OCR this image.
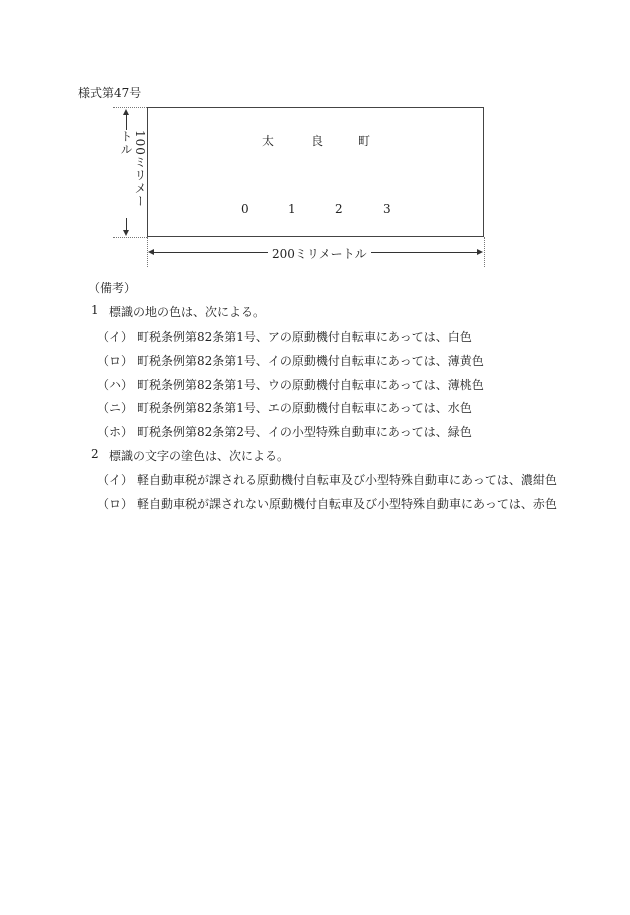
様式第47号
太	良	町
0	1	2	3
100ミリメートル
200ミリメートル
（備考）
1 標識の地の色は、次による。
（イ） 町税条例第82条第1号、アの原動機付自転車にあっては、白色
（ロ） 町税条例第82条第1号、イの原動機付自転車にあっては、薄黄色
（ハ） 町税条例第82条第1号、ウの原動機付自転車にあっては、薄桃色
（ニ） 町税条例第82条第1号、エの原動機付自転車にあっては、水色
（ホ） 町税条例第82条第2号、イの小型特殊自動車にあっては、緑色
2 標識の文字の塗色は、次による。
（イ） 軽自動車税が課される原動機付自転車及び小型特殊自動車にあっては、濃紺色
（ロ） 軽自動車税が課されない原動機付自転車及び小型特殊自動車にあっては、赤色
